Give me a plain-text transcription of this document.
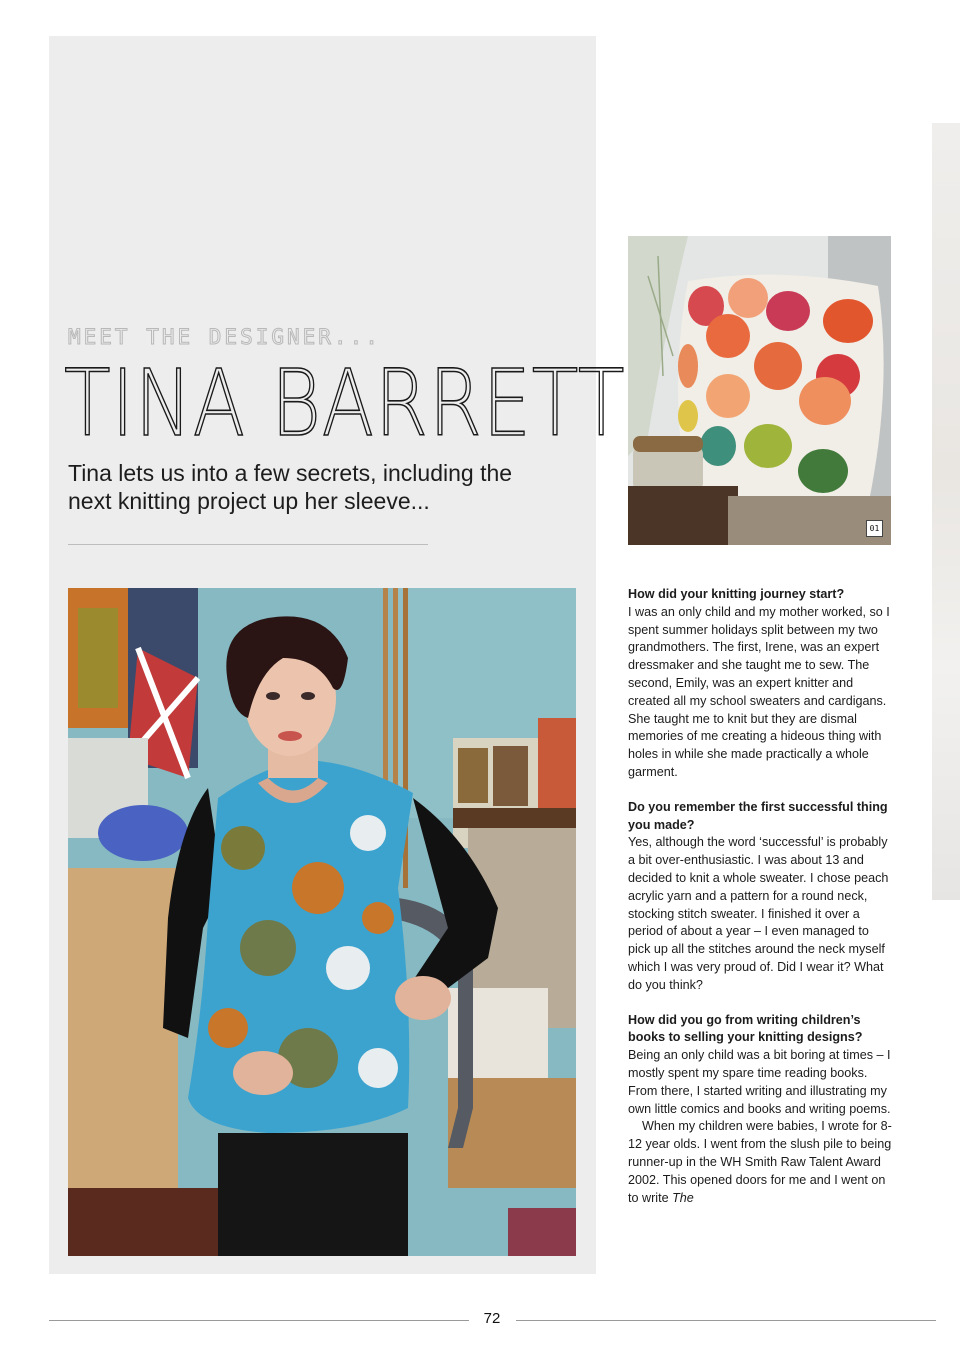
MEET THE DESIGNER...
TINA BARRETT
Tina lets us into a few secrets, including the next knitting project up her sleeve...
01

How did your knitting journey start?

I was an only child and my mother worked, so I spent summer holidays split between my two grandmothers. The first, Irene, was an expert dressmaker and she taught me to sew. The second, Emily, was an expert knitter and created all my school sweaters and cardigans. She taught me to knit but they are dismal memories of me creating a hideous thing with holes in while she made practically a whole garment.

Do you remember the first successful thing you made?

Yes, although the word ‘successful’ is probably a bit over-enthusiastic. I was about 13 and decided to knit a whole sweater. I chose peach acrylic yarn and a pattern for a round neck, stocking stitch sweater. I finished it over a period of about a year – I even managed to pick up all the stitches around the neck myself which I was very proud of. Did I wear it? What do you think?

How did you go from writing children’s books to selling your knitting designs?

Being an only child was a bit boring at times – I mostly spent my spare time reading books. From there, I started writing and illustrating my own little comics and books and writing poems.

When my children were babies, I wrote for 8-12 year olds. I went from the slush pile to being runner-up in the WH Smith Raw Talent Award 2002. This opened doors for me and I went on to write The

72
